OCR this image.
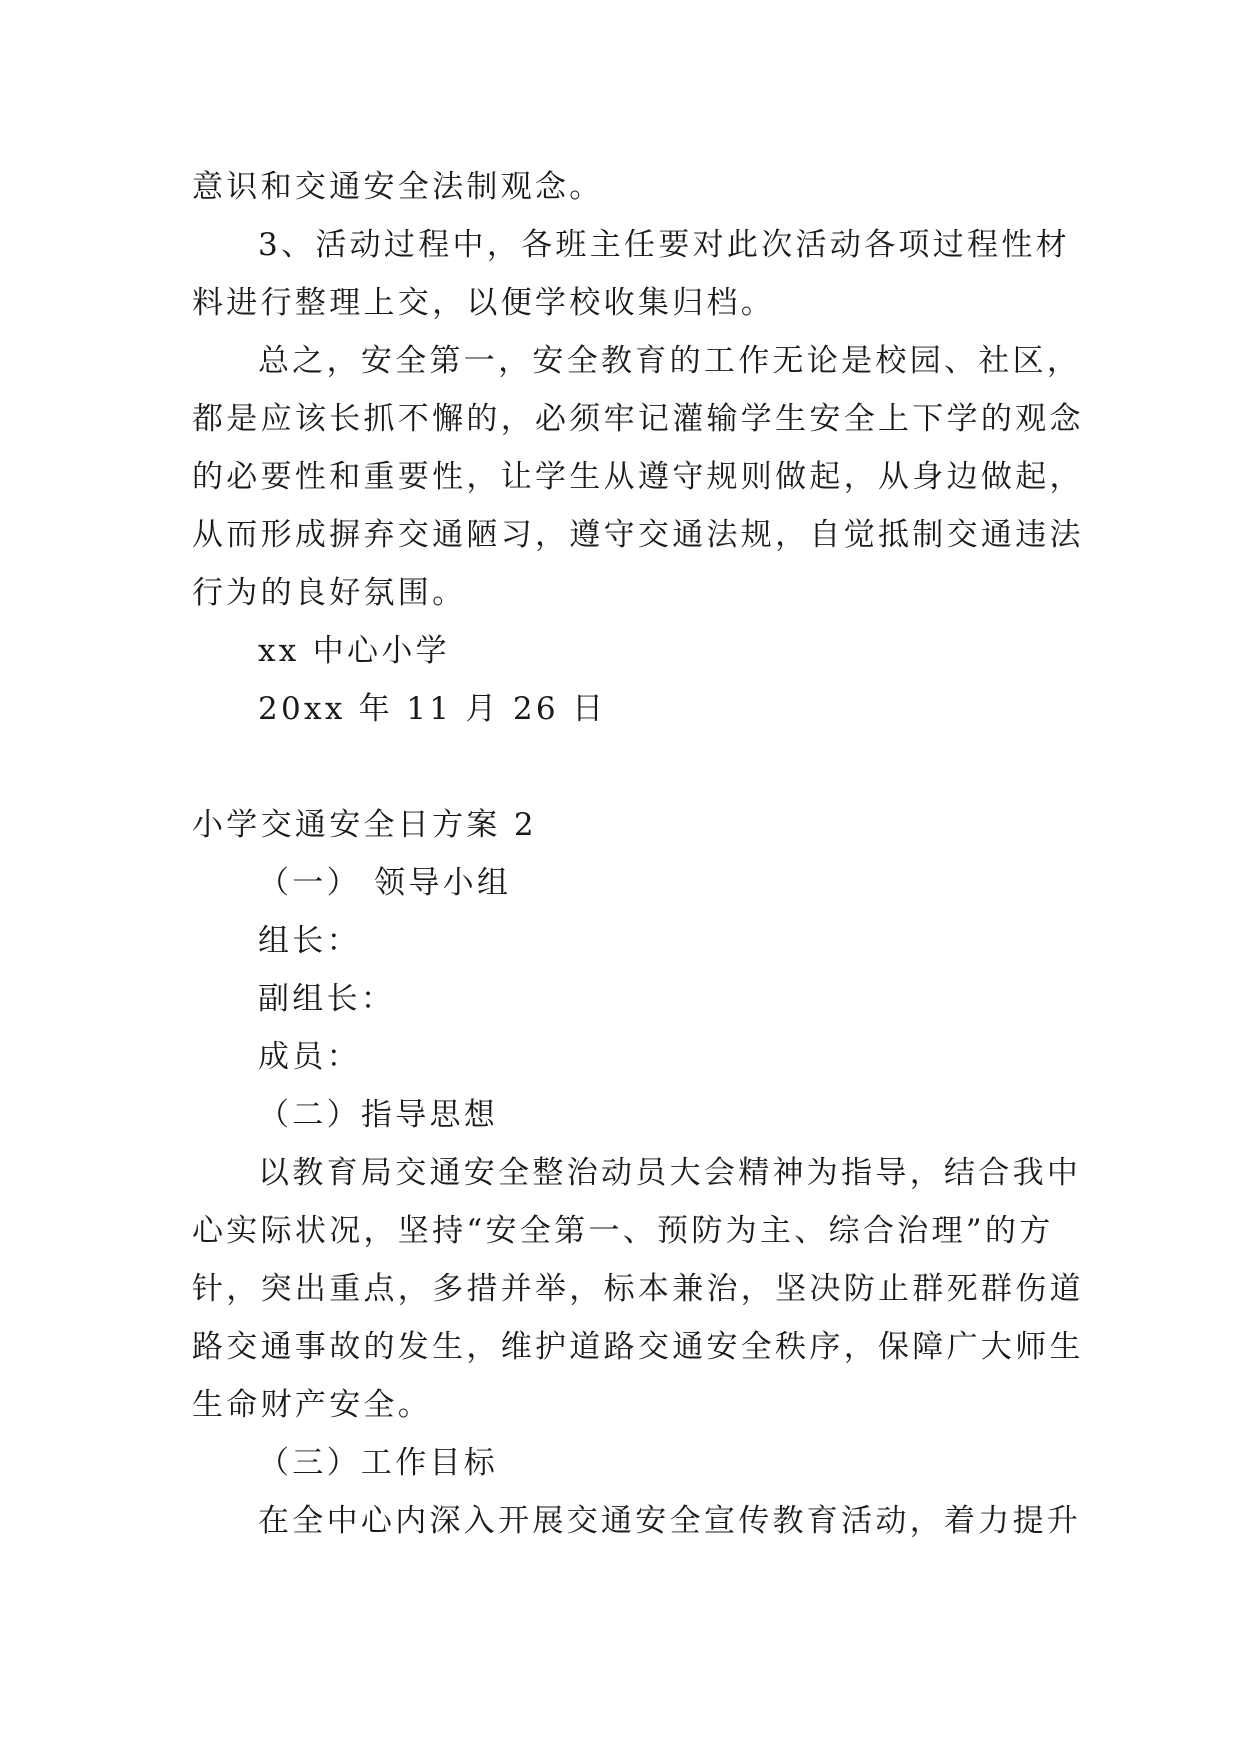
意识和交通安全法制观念。
3、活动过程中，各班主任要对此次活动各项过程性材
料进行整理上交，以便学校收集归档。
总之，安全第一，安全教育的工作无论是校园、社区，
都是应该长抓不懈的，必须牢记灌输学生安全上下学的观念
的必要性和重要性，让学生从遵守规则做起，从身边做起，
从而形成摒弃交通陋习，遵守交通法规，自觉抵制交通违法
行为的良好氛围。
xx 中心小学
20xx 年 11 月 26 日
小学交通安全日方案 2
（一） 领导小组
组长：
副组长：
成员：
（二）指导思想
以教育局交通安全整治动员大会精神为指导，结合我中
心实际状况，坚持“安全第一、预防为主、综合治理”的方
针，突出重点，多措并举，标本兼治，坚决防止群死群伤道
路交通事故的发生，维护道路交通安全秩序，保障广大师生
生命财产安全。
（三）工作目标
在全中心内深入开展交通安全宣传教育活动，着力提升
